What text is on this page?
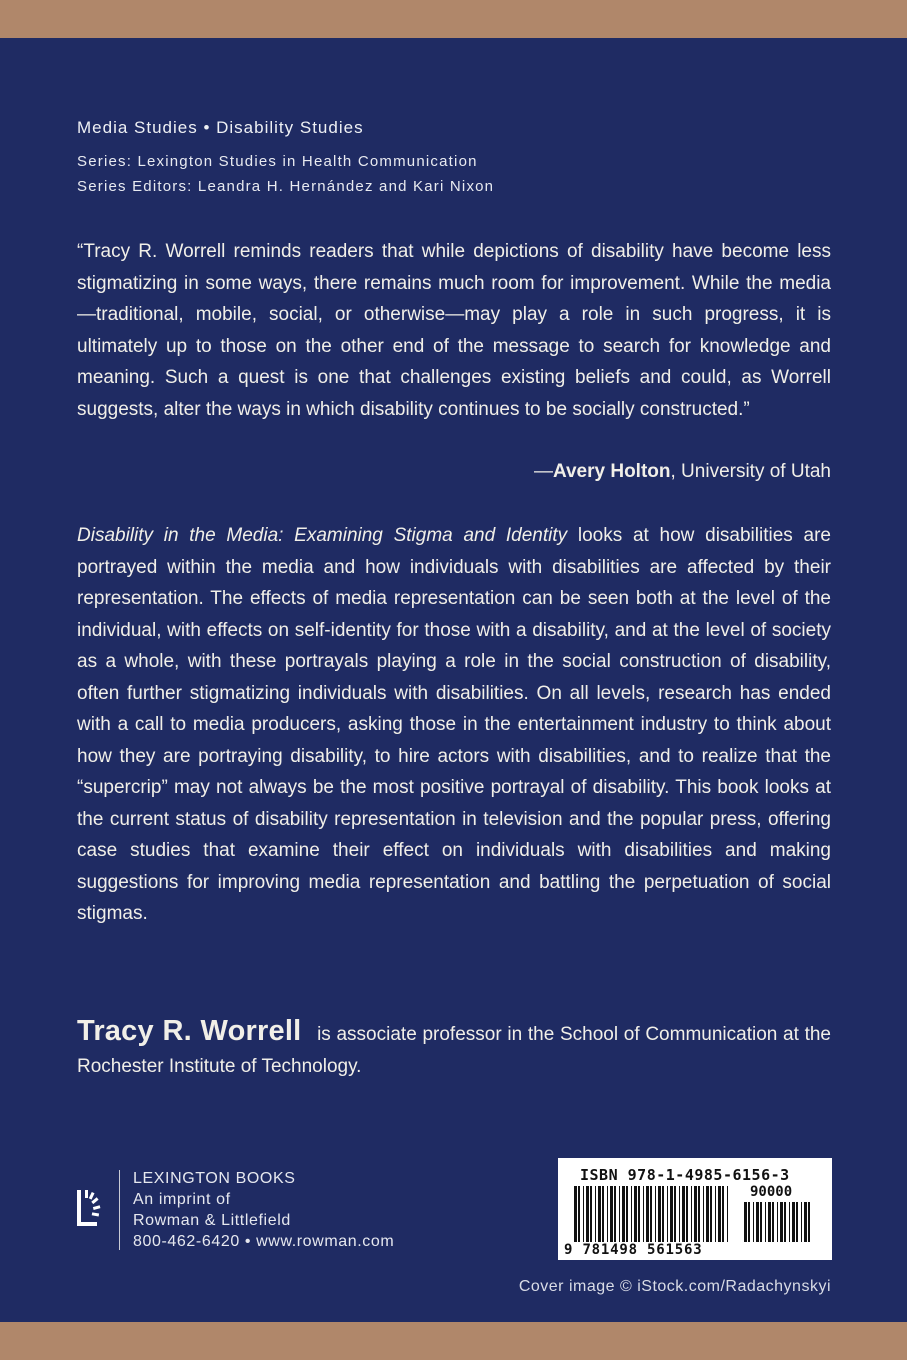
Media Studies • Disability Studies
Series: Lexington Studies in Health Communication
Series Editors: Leandra H. Hernández and Kari Nixon

“Tracy R. Worrell reminds readers that while depictions of disability have become less stigmatizing in some ways, there remains much room for improvement. While the media—traditional, mobile, social, or otherwise—may play a role in such progress, it is ultimately up to those on the other end of the message to search for knowledge and meaning. Such a quest is one that challenges existing beliefs and could, as Worrell suggests, alter the ways in which disability continues to be socially constructed.”

—Avery Holton, University of Utah

Disability in the Media: Examining Stigma and Identity looks at how disabilities are portrayed within the media and how individuals with disabilities are affected by their representation. The effects of media representation can be seen both at the level of the individual, with effects on self-identity for those with a disability, and at the level of society as a whole, with these portrayals playing a role in the social construction of disability, often further stigmatizing individuals with disabilities. On all levels, research has ended with a call to media producers, asking those in the entertainment industry to think about how they are portraying disability, to hire actors with disabilities, and to realize that the “supercrip” may not always be the most positive portrayal of disability. This book looks at the current status of disability representation in television and the popular press, offering case studies that examine their effect on individuals with disabilities and making suggestions for improving media representation and battling the perpetuation of social stigmas.

Tracy R. Worrell is associate professor in the School of Communication at the Rochester Institute of Technology.

LEXINGTON BOOKS
An imprint of
Rowman & Littlefield
800-462-6420 • www.rowman.com
ISBN 978-1-4985-6156-3
90000
9 781498 561563
Cover image © iStock.com/Radachynskyi
